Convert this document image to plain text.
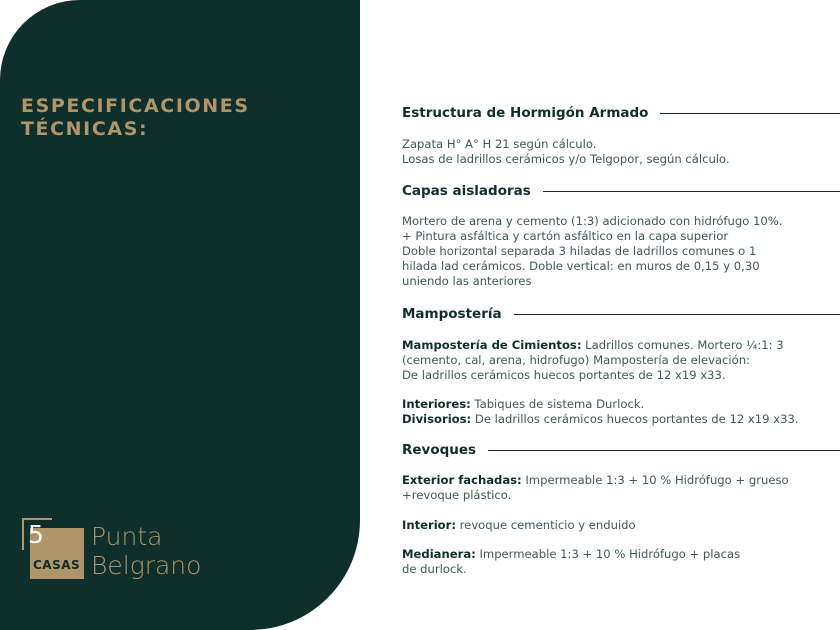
ESPECIFICACIONES
TÉCNICAS:
5
CASAS
Punta
Belgrano
Estructura de Hormigón Armado
Zapata H° A° H 21 según cálculo.
Losas de ladrillos cerámicos y/o Telgopor, según cálculo.
Capas aisladoras
Mortero de arena y cemento (1:3) adicionado con hidrófugo 10%.
+ Pintura asfáltica y cartón asfáltico en la capa superior
Doble horizontal separada 3 hiladas de ladrillos comunes o 1
hilada lad cerámicos. Doble vertical: en muros de 0,15 y 0,30
uniendo las anteriores
Mampostería
Mampostería de Cimientos: Ladrillos comunes. Mortero ¼:1: 3
(cemento, cal, arena, hidrofugo) Mampostería de elevación:
De ladrillos cerámicos huecos portantes de 12 x19 x33.
Interiores: Tabiques de sistema Durlock.
Divisorios: De ladrillos cerámicos huecos portantes de 12 x19 x33.
Revoques
Exterior fachadas: Impermeable 1:3 + 10 % Hidrófugo + grueso
+revoque plástico.
Interior: revoque cementicio y enduido
Medianera: Impermeable 1:3 + 10 % Hidrófugo + placas
de durlock.
